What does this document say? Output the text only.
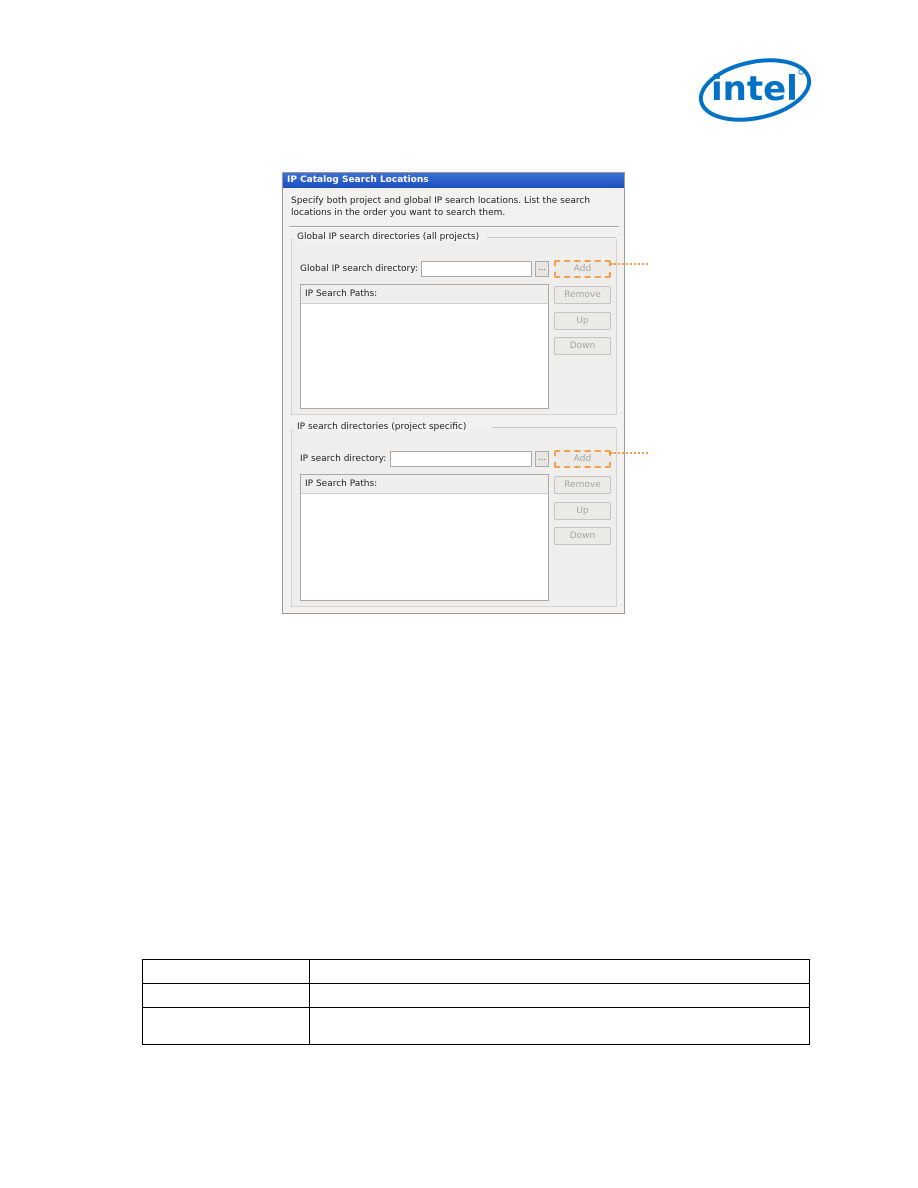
intel
IP Catalog Search Locations
Specify both project and global IP search locations. List the search locations in the order you want to search them.
Global IP search directories (all projects)
Global IP search directory:	...	Add
Remove
Up
Down
IP Search Paths:
IP search directories (project specific)
IP search directory:	...	Add
Remove
Up
Down
IP Search Paths:
